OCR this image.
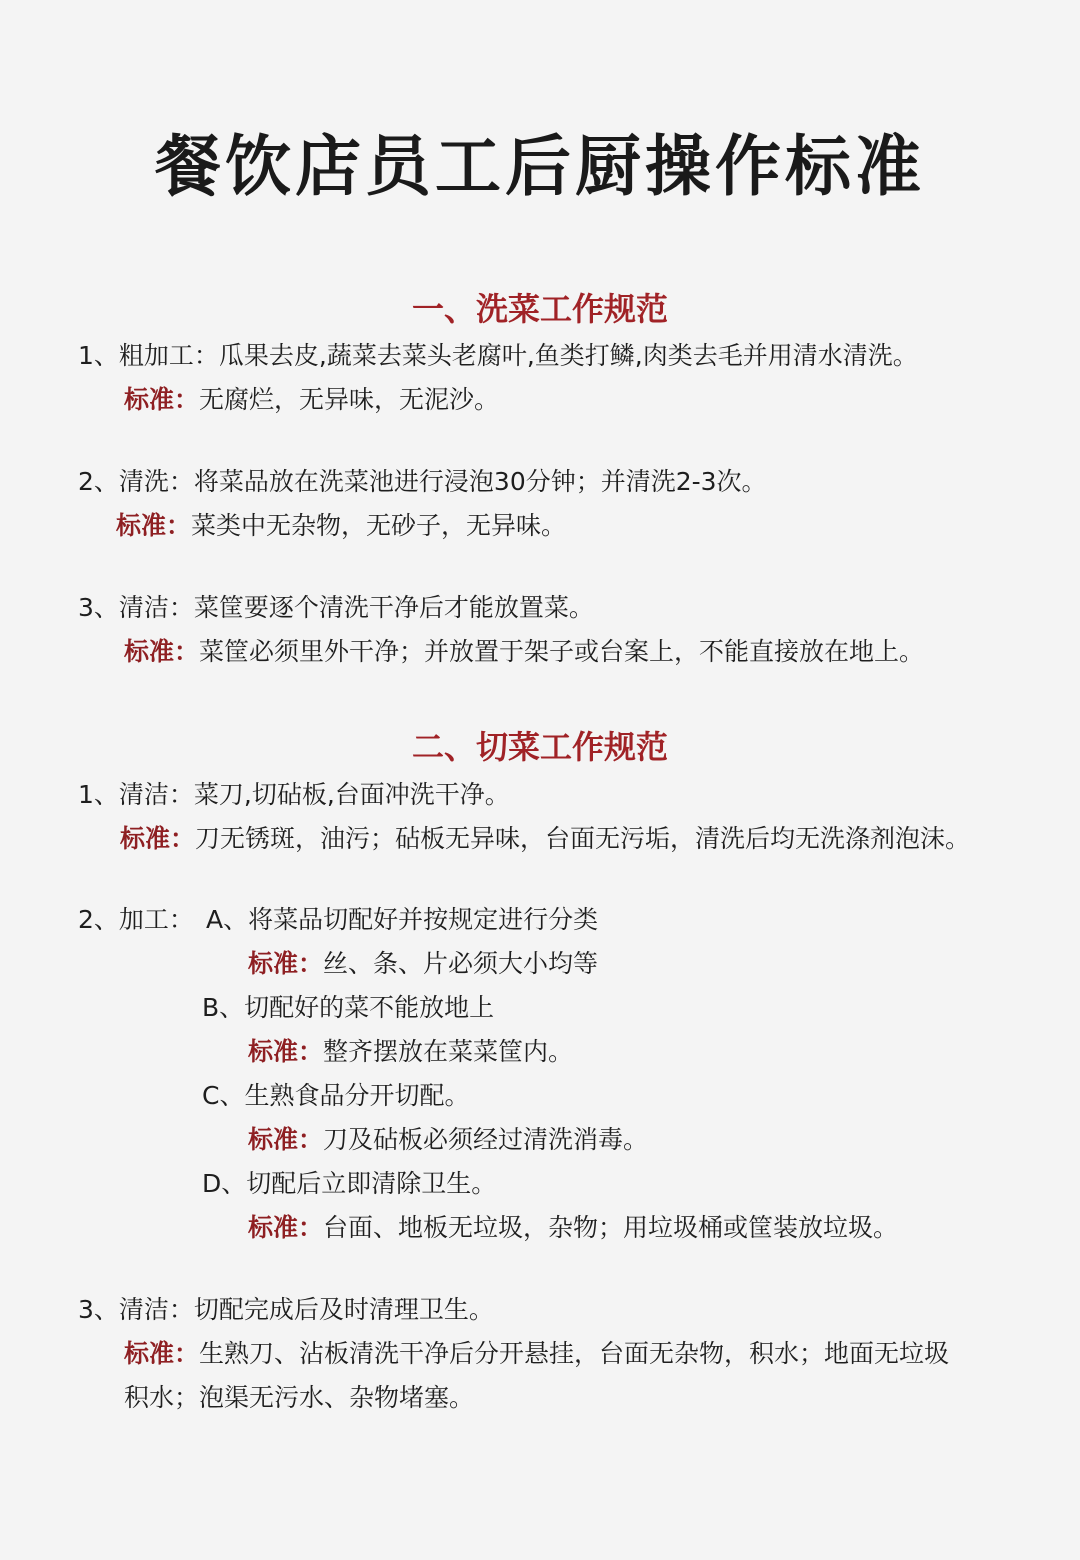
餐饮店员工后厨操作标准
一、洗菜工作规范
1、粗加工：瓜果去皮,蔬菜去菜头老腐叶,鱼类打鳞,肉类去毛并用清水清洗。
标准：无腐烂，无异味，无泥沙。
2、清洗：将菜品放在洗菜池进行浸泡30分钟；并清洗2-3次。
标准：菜类中无杂物，无砂子，无异味。
3、清洁：菜筐要逐个清洗干净后才能放置菜。
标准：菜筐必须里外干净；并放置于架子或台案上，不能直接放在地上。
二、切菜工作规范
1、清洁：菜刀,切砧板,台面冲洗干净。
标准：刀无锈斑，油污；砧板无异味，台面无污垢，清洗后均无洗涤剂泡沫。
2、加工： A、将菜品切配好并按规定进行分类
标准：丝、条、片必须大小均等
B、切配好的菜不能放地上
标准：整齐摆放在菜菜筐内。
C、生熟食品分开切配。
标准：刀及砧板必须经过清洗消毒。
D、切配后立即清除卫生。
标准：台面、地板无垃圾，杂物；用垃圾桶或筐装放垃圾。
3、清洁：切配完成后及时清理卫生。
标准：生熟刀、沾板清洗干净后分开悬挂，台面无杂物，积水；地面无垃圾
积水；泡渠无污水、杂物堵塞。
